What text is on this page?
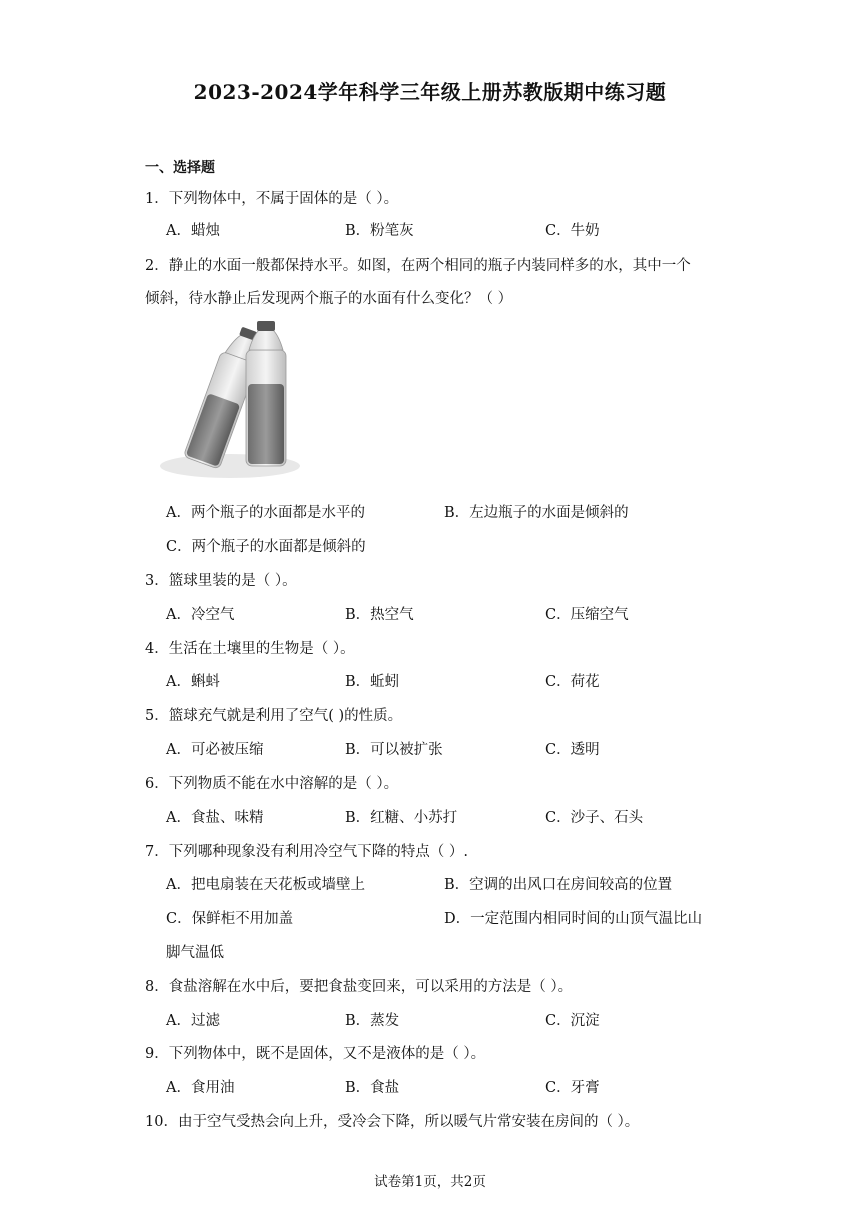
2023-2024学年科学三年级上册苏教版期中练习题
一、选择题
1．下列物体中，不属于固体的是（ ）。
A．蜡烛	B．粉笔灰	C．牛奶
2．静止的水面一般都保持水平。如图，在两个相同的瓶子内装同样多的水，其中一个
倾斜，待水静止后发现两个瓶子的水面有什么变化？（ ）
A．两个瓶子的水面都是水平的	B．左边瓶子的水面是倾斜的
C．两个瓶子的水面都是倾斜的
3．篮球里装的是（ ）。
A．冷空气	B．热空气	C．压缩空气
4．生活在土壤里的生物是（ ）。
A．蝌蚪	B．蚯蚓	C．荷花
5．篮球充气就是利用了空气( )的性质。
A．可必被压缩	B．可以被扩张	C．透明
6．下列物质不能在水中溶解的是（ ）。
A．食盐、味精	B．红糖、小苏打	C．沙子、石头
7．下列哪种现象没有利用冷空气下降的特点（ ）.
A．把电扇装在天花板或墙壁上	B．空调的出风口在房间较高的位置
C．保鲜柜不用加盖	D．一定范围内相同时间的山顶气温比山
脚气温低
8．食盐溶解在水中后，要把食盐变回来，可以采用的方法是（ ）。
A．过滤	B．蒸发	C．沉淀
9．下列物体中，既不是固体，又不是液体的是（ ）。
A．食用油	B．食盐	C．牙膏
10．由于空气受热会向上升，受冷会下降，所以暖气片常安装在房间的（ ）。
试卷第1页，共2页
